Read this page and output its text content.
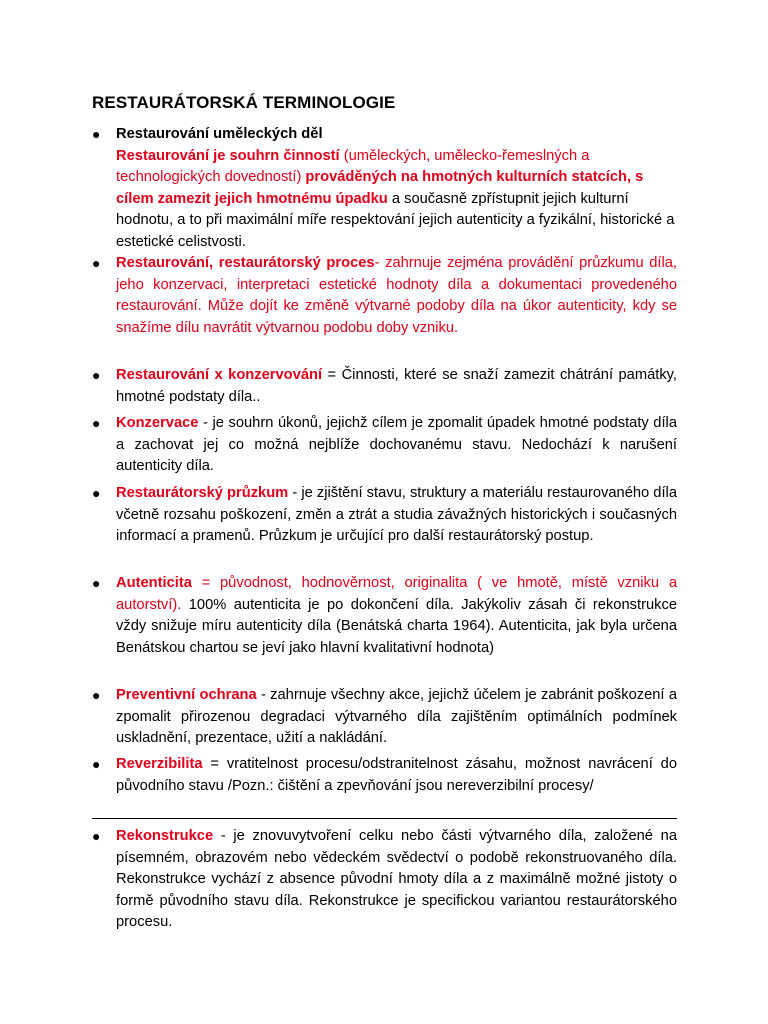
RESTAURÁTORSKÁ TERMINOLOGIE
●	Restaurování uměleckých děl
Restaurování je souhrn činností (uměleckých, umělecko-řemeslných a technologických dovedností) prováděných na hmotných kulturních statcích, s cílem zamezit jejich hmotnému úpadku a současně zpřístupnit jejich kulturní hodnotu, a to při maximální míře respektování jejich autenticity a fyzikální, historické a estetické celistvosti.
●	Restaurování, restaurátorský proces- zahrnuje zejména provádění průzkumu díla, jeho konzervaci, interpretaci estetické hodnoty díla a dokumentaci provedeného restaurování. Může dojít ke změně výtvarné podoby díla na úkor autenticity, kdy se snažíme dílu navrátit výtvarnou podobu doby vzniku.
●	Restaurování x konzervování = Činnosti, které se snaží zamezit chátrání památky, hmotné podstaty díla..
●	Konzervace - je souhrn úkonů, jejichž cílem je zpomalit úpadek hmotné podstaty díla a zachovat jej co možná nejblíže dochovanému stavu. Nedochází k narušení autenticity díla.
●	Restaurátorský průzkum - je zjištění stavu, struktury a materiálu restaurovaného díla včetně rozsahu poškození, změn a ztrát a studia závažných historických i současných informací a pramenů. Průzkum je určující pro další restaurátorský postup.
●	Autenticita = původnost, hodnověrnost, originalita ( ve hmotě, místě vzniku a autorství). 100% autenticita je po dokončení díla. Jakýkoliv zásah či rekonstrukce vždy snižuje míru autenticity díla (Benátská charta 1964). Autenticita, jak byla určena Benátskou chartou se jeví jako hlavní kvalitativní hodnota)
●	Preventivní ochrana - zahrnuje všechny akce, jejichž účelem je zabránit poškození a zpomalit přirozenou degradaci výtvarného díla zajištěním optimálních podmínek uskladnění, prezentace, užití a nakládání.
●	Reverzibilita = vratitelnost procesu/odstranitelnost zásahu, možnost navrácení do původního stavu /Pozn.: čištění a zpevňování jsou nereverzibilní procesy/
●	Rekonstrukce - je znovuvytvoření celku nebo části výtvarného díla, založené na písemném, obrazovém nebo vědeckém svědectví o podobě rekonstruovaného díla. Rekonstrukce vychází z absence původní hmoty díla a z maximálně možné jistoty o formě původního stavu díla. Rekonstrukce je specifickou variantou restaurátorského procesu.
